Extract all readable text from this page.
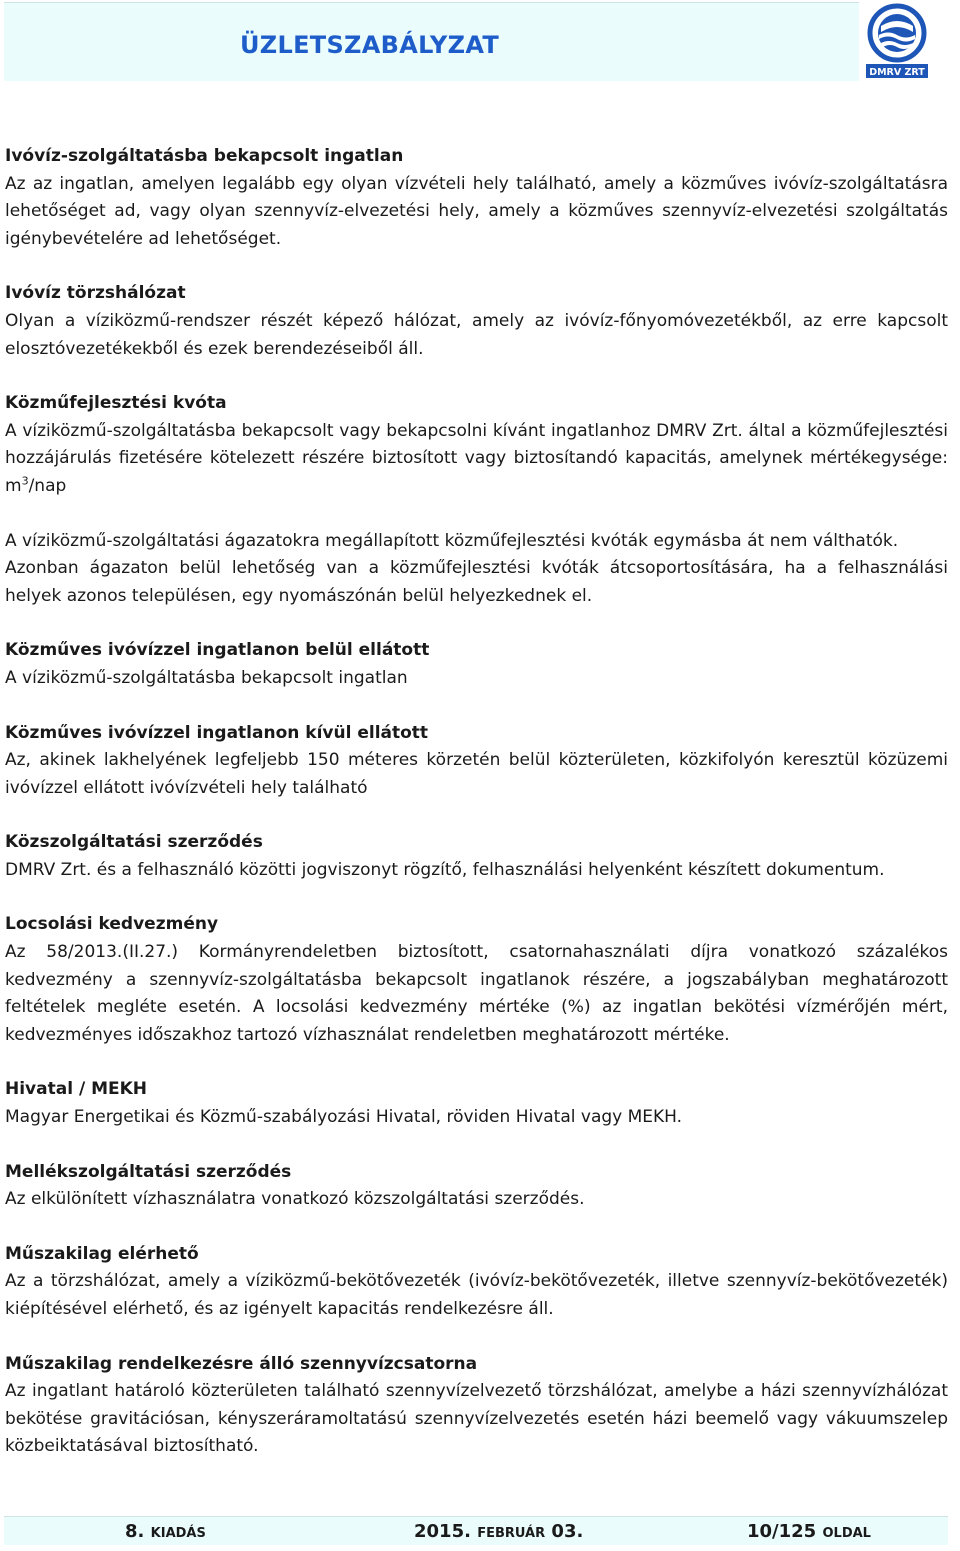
ÜZLETSZABÁLYZAT
DMRV ZRT

Ivóvíz-szolgáltatásba bekapcsolt ingatlan

Az az ingatlan, amelyen legalább egy olyan vízvételi hely található, amely a közműves ivóvíz-szolgáltatásra lehetőséget ad, vagy olyan szennyvíz-elvezetési hely, amely a közműves szennyvíz-elvezetési szolgáltatás igénybevételére ad lehetőséget.

Ivóvíz törzshálózat

Olyan a víziközmű-rendszer részét képező hálózat, amely az ivóvíz-főnyomóvezetékből, az erre kapcsolt elosztóvezetékekből és ezek berendezéseiből áll.

Közműfejlesztési kvóta

A víziközmű-szolgáltatásba bekapcsolt vagy bekapcsolni kívánt ingatlanhoz DMRV Zrt. által a közműfejlesztési hozzájárulás fizetésére kötelezett részére biztosított vagy biztosítandó kapacitás, amelynek mértékegysége: $m^3$/nap

A víziközmű-szolgáltatási ágazatokra megállapított közműfejlesztési kvóták egymásba át nem válthatók.

Azonban ágazaton belül lehetőség van a közműfejlesztési kvóták átcsoportosítására, ha a felhasználási helyek azonos településen, egy nyomászónán belül helyezkednek el.

Közműves ivóvízzel ingatlanon belül ellátott

A víziközmű-szolgáltatásba bekapcsolt ingatlan

Közműves ivóvízzel ingatlanon kívül ellátott

Az, akinek lakhelyének legfeljebb 150 méteres körzetén belül közterületen, közkifolyón keresztül közüzemi ivóvízzel ellátott ivóvízvételi hely található

Közszolgáltatási szerződés

DMRV Zrt. és a felhasználó közötti jogviszonyt rögzítő, felhasználási helyenként készített dokumentum.

Locsolási kedvezmény

Az 58/2013.(II.27.) Kormányrendeletben biztosított, csatornahasználati díjra vonatkozó százalékos kedvezmény a szennyvíz-szolgáltatásba bekapcsolt ingatlanok részére, a jogszabályban meghatározott feltételek megléte esetén. A locsolási kedvezmény mértéke (%) az ingatlan bekötési vízmérőjén mért, kedvezményes időszakhoz tartozó vízhasználat rendeletben meghatározott mértéke.

Hivatal / MEKH

Magyar Energetikai és Közmű-szabályozási Hivatal, röviden Hivatal vagy MEKH.

Mellékszolgáltatási szerződés

Az elkülönített vízhasználatra vonatkozó közszolgáltatási szerződés.

Műszakilag elérhető

Az a törzshálózat, amely a víziközmű-bekötővezeték (ivóvíz-bekötővezeték, illetve szennyvíz-bekötővezeték) kiépítésével elérhető, és az igényelt kapacitás rendelkezésre áll.

Műszakilag rendelkezésre álló szennyvízcsatorna

Az ingatlant határoló közterületen található szennyvízelvezető törzshálózat, amelybe a házi szennyvízhálózat bekötése gravitációsan, kényszeráramoltatású szennyvízelvezetés esetén házi beemelő vagy vákuumszelep közbeiktatásával biztosítható.

8. KIADÁS	2015. FEBRUÁR 03.	10/125 OLDAL
